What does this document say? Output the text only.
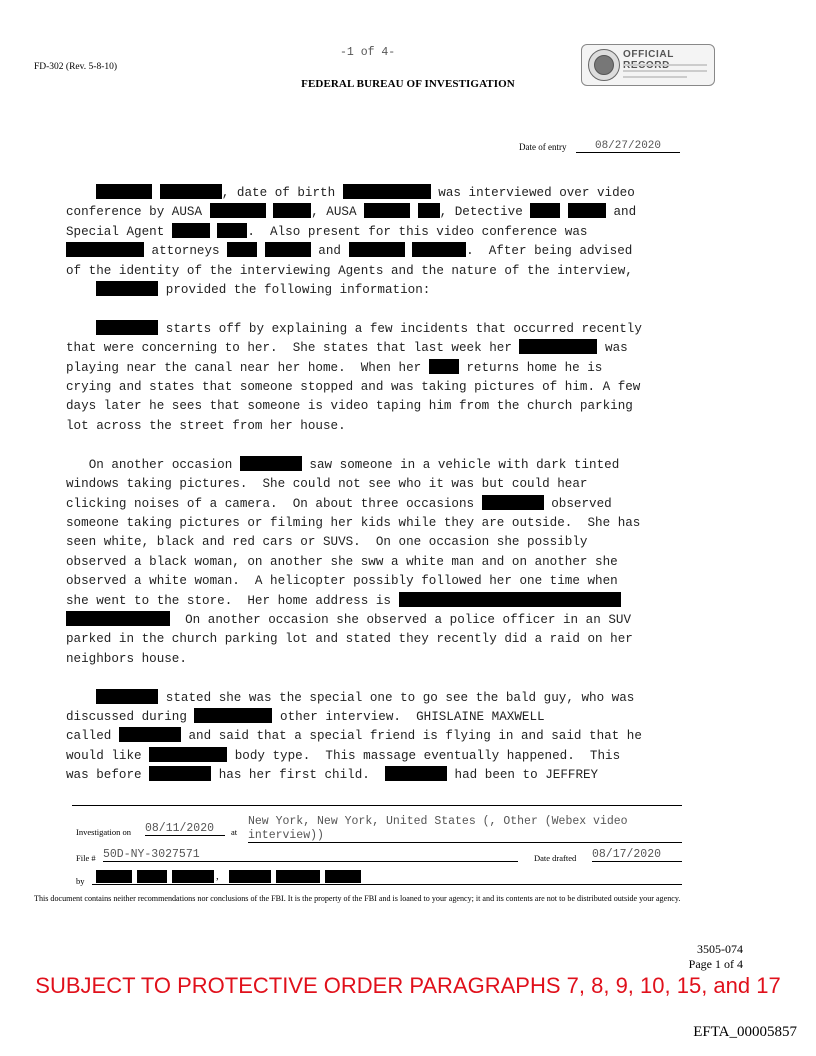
FD-302 (Rev. 5-8-10)
-1 of 4-
FEDERAL BUREAU OF INVESTIGATION
OFFICIAL
Date of entry	08/27/2020
, date of birth	was interviewed over video
conference by AUSA	, AUSA	, Detective	and
Special Agent	.  Also present for this video conference was
attorneys	and	.  After being advised
of the identity of the interviewing Agents and the nature of the interview,
provided the following information:

starts off by explaining a few incidents that occurred recently
that were concerning to her.  She states that last week her	was
playing near the canal near her home.  When her  returns home he is
crying and states that someone stopped and was taking pictures of him. A few
days later he sees that someone is video taping him from the church parking
lot across the street from her house.

On another occasion	saw someone in a vehicle with dark tinted
windows taking pictures.  She could not see who it was but could hear
clicking noises of a camera.  On about three occasions	observed
someone taking pictures or filming her kids while they are outside.  She has
seen white, black and red cars or SUVS.  On one occasion she possibly
observed a black woman, on another she sww a white man and on another she
observed a white woman.  A helicopter possibly followed her one time when
she went to the store.  Her home address is
On another occasion she observed a police officer in an SUV
parked in the church parking lot and stated they recently did a raid on her
neighbors house.

stated she was the special one to go see the bald guy, who was
discussed during	other interview.  GHISLAINE MAXWELL
called	and said that a special friend is flying in and said that he
would like	body type.  This massage eventually happened.  This
was before	has her first child.	had been to JEFFREY
Investigation on 08/11/2020	at
New York, New York, United States (, Other (Webex video
interview))
File # 50D-NY-3027571	Date drafted 08/17/2020
by	,
This document contains neither recommendations nor conclusions of the FBI. It is the property of the FBI and is loaned to your agency; it and its contents are not to be distributed outside your agency.
3505-074
Page 1 of 4
SUBJECT TO PROTECTIVE ORDER PARAGRAPHS 7, 8, 9, 10, 15, and 17
EFTA_00005857
